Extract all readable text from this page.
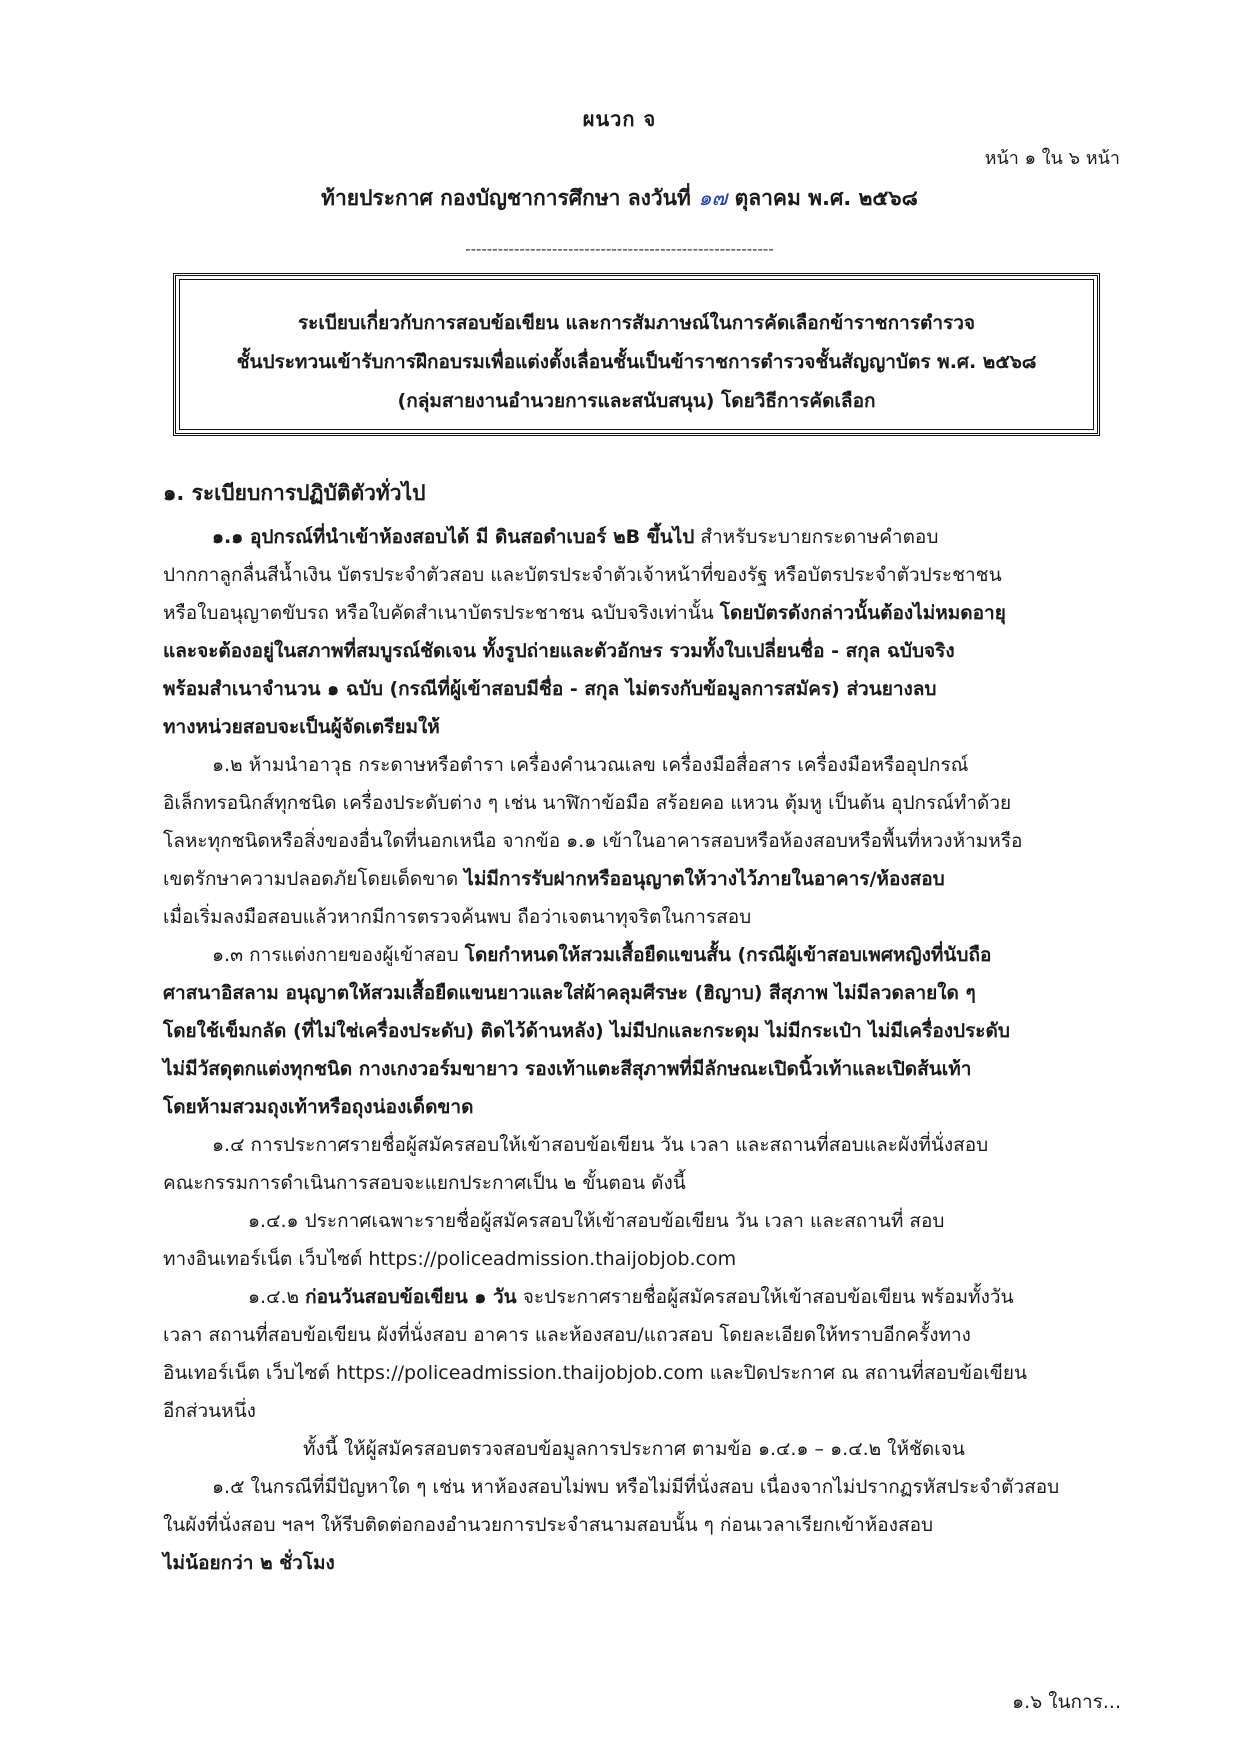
ผนวก จ
หน้า ๑ ใน ๖ หน้า
ท้ายประกาศ กองบัญชาการศึกษา ลงวันที่ ๑๗ ตุลาคม พ.ศ. ๒๕๖๘
---------------------------------------------------------
ระเบียบเกี่ยวกับการสอบข้อเขียน และการสัมภาษณ์ในการคัดเลือกข้าราชการตำรวจ
ชั้นประทวนเข้ารับการฝึกอบรมเพื่อแต่งตั้งเลื่อนชั้นเป็นข้าราชการตำรวจชั้นสัญญาบัตร พ.ศ. ๒๕๖๘
(กลุ่มสายงานอำนวยการและสนับสนุน) โดยวิธีการคัดเลือก
๑. ระเบียบการปฏิบัติตัวทั่วไป
๑.๑ อุปกรณ์ที่นำเข้าห้องสอบได้ มี ดินสอดำเบอร์ ๒B ขึ้นไป สำหรับระบายกระดาษคำตอบ
ปากกาลูกลื่นสีน้ำเงิน บัตรประจำตัวสอบ และบัตรประจำตัวเจ้าหน้าที่ของรัฐ หรือบัตรประจำตัวประชาชน
หรือใบอนุญาตขับรถ หรือใบคัดสำเนาบัตรประชาชน ฉบับจริงเท่านั้น โดยบัตรดังกล่าวนั้นต้องไม่หมดอายุ
และจะต้องอยู่ในสภาพที่สมบูรณ์ชัดเจน ทั้งรูปถ่ายและตัวอักษร รวมทั้งใบเปลี่ยนชื่อ - สกุล ฉบับจริง
พร้อมสำเนาจำนวน ๑ ฉบับ (กรณีที่ผู้เข้าสอบมีชื่อ - สกุล ไม่ตรงกับข้อมูลการสมัคร) ส่วนยางลบ
ทางหน่วยสอบจะเป็นผู้จัดเตรียมให้
๑.๒ ห้ามนำอาวุธ กระดาษหรือตำรา เครื่องคำนวณเลข เครื่องมือสื่อสาร เครื่องมือหรืออุปกรณ์
อิเล็กทรอนิกส์ทุกชนิด เครื่องประดับต่าง ๆ เช่น นาฬิกาข้อมือ สร้อยคอ แหวน ตุ้มหู เป็นต้น อุปกรณ์ทำด้วย
โลหะทุกชนิดหรือสิ่งของอื่นใดที่นอกเหนือ จากข้อ ๑.๑ เข้าในอาคารสอบหรือห้องสอบหรือพื้นที่หวงห้ามหรือ
เขตรักษาความปลอดภัยโดยเด็ดขาด ไม่มีการรับฝากหรืออนุญาตให้วางไว้ภายในอาคาร/ห้องสอบ
เมื่อเริ่มลงมือสอบแล้วหากมีการตรวจค้นพบ ถือว่าเจตนาทุจริตในการสอบ
๑.๓ การแต่งกายของผู้เข้าสอบ โดยกำหนดให้สวมเสื้อยืดแขนสั้น (กรณีผู้เข้าสอบเพศหญิงที่นับถือ
ศาสนาอิสลาม อนุญาตให้สวมเสื้อยืดแขนยาวและใส่ผ้าคลุมศีรษะ (ฮิญาบ) สีสุภาพ ไม่มีลวดลายใด ๆ
โดยใช้เข็มกลัด (ที่ไม่ใช่เครื่องประดับ) ติดไว้ด้านหลัง) ไม่มีปกและกระดุม ไม่มีกระเป๋า ไม่มีเครื่องประดับ
ไม่มีวัสดุตกแต่งทุกชนิด กางเกงวอร์มขายาว รองเท้าแตะสีสุภาพที่มีลักษณะเปิดนิ้วเท้าและเปิดส้นเท้า
โดยห้ามสวมถุงเท้าหรือถุงน่องเด็ดขาด
๑.๔ การประกาศรายชื่อผู้สมัครสอบให้เข้าสอบข้อเขียน วัน เวลา และสถานที่สอบและผังที่นั่งสอบ
คณะกรรมการดำเนินการสอบจะแยกประกาศเป็น ๒ ขั้นตอน ดังนี้
๑.๔.๑ ประกาศเฉพาะรายชื่อผู้สมัครสอบให้เข้าสอบข้อเขียน วัน เวลา และสถานที่ สอบ
ทางอินเทอร์เน็ต เว็บไซต์ https://policeadmission.thaijobjob.com
๑.๔.๒ ก่อนวันสอบข้อเขียน ๑ วัน จะประกาศรายชื่อผู้สมัครสอบให้เข้าสอบข้อเขียน พร้อมทั้งวัน
เวลา สถานที่สอบข้อเขียน ผังที่นั่งสอบ อาคาร และห้องสอบ/แถวสอบ โดยละเอียดให้ทราบอีกครั้งทาง
อินเทอร์เน็ต เว็บไซต์ https://policeadmission.thaijobjob.com และปิดประกาศ ณ สถานที่สอบข้อเขียน
อีกส่วนหนึ่ง
ทั้งนี้ ให้ผู้สมัครสอบตรวจสอบข้อมูลการประกาศ ตามข้อ ๑.๔.๑ – ๑.๔.๒ ให้ชัดเจน
๑.๕ ในกรณีที่มีปัญหาใด ๆ เช่น หาห้องสอบไม่พบ หรือไม่มีที่นั่งสอบ เนื่องจากไม่ปรากฏรหัสประจำตัวสอบ
ในผังที่นั่งสอบ ฯลฯ ให้รีบติดต่อกองอำนวยการประจำสนามสอบนั้น ๆ ก่อนเวลาเรียกเข้าห้องสอบ
ไม่น้อยกว่า ๒ ชั่วโมง
๑.๖ ในการ...
